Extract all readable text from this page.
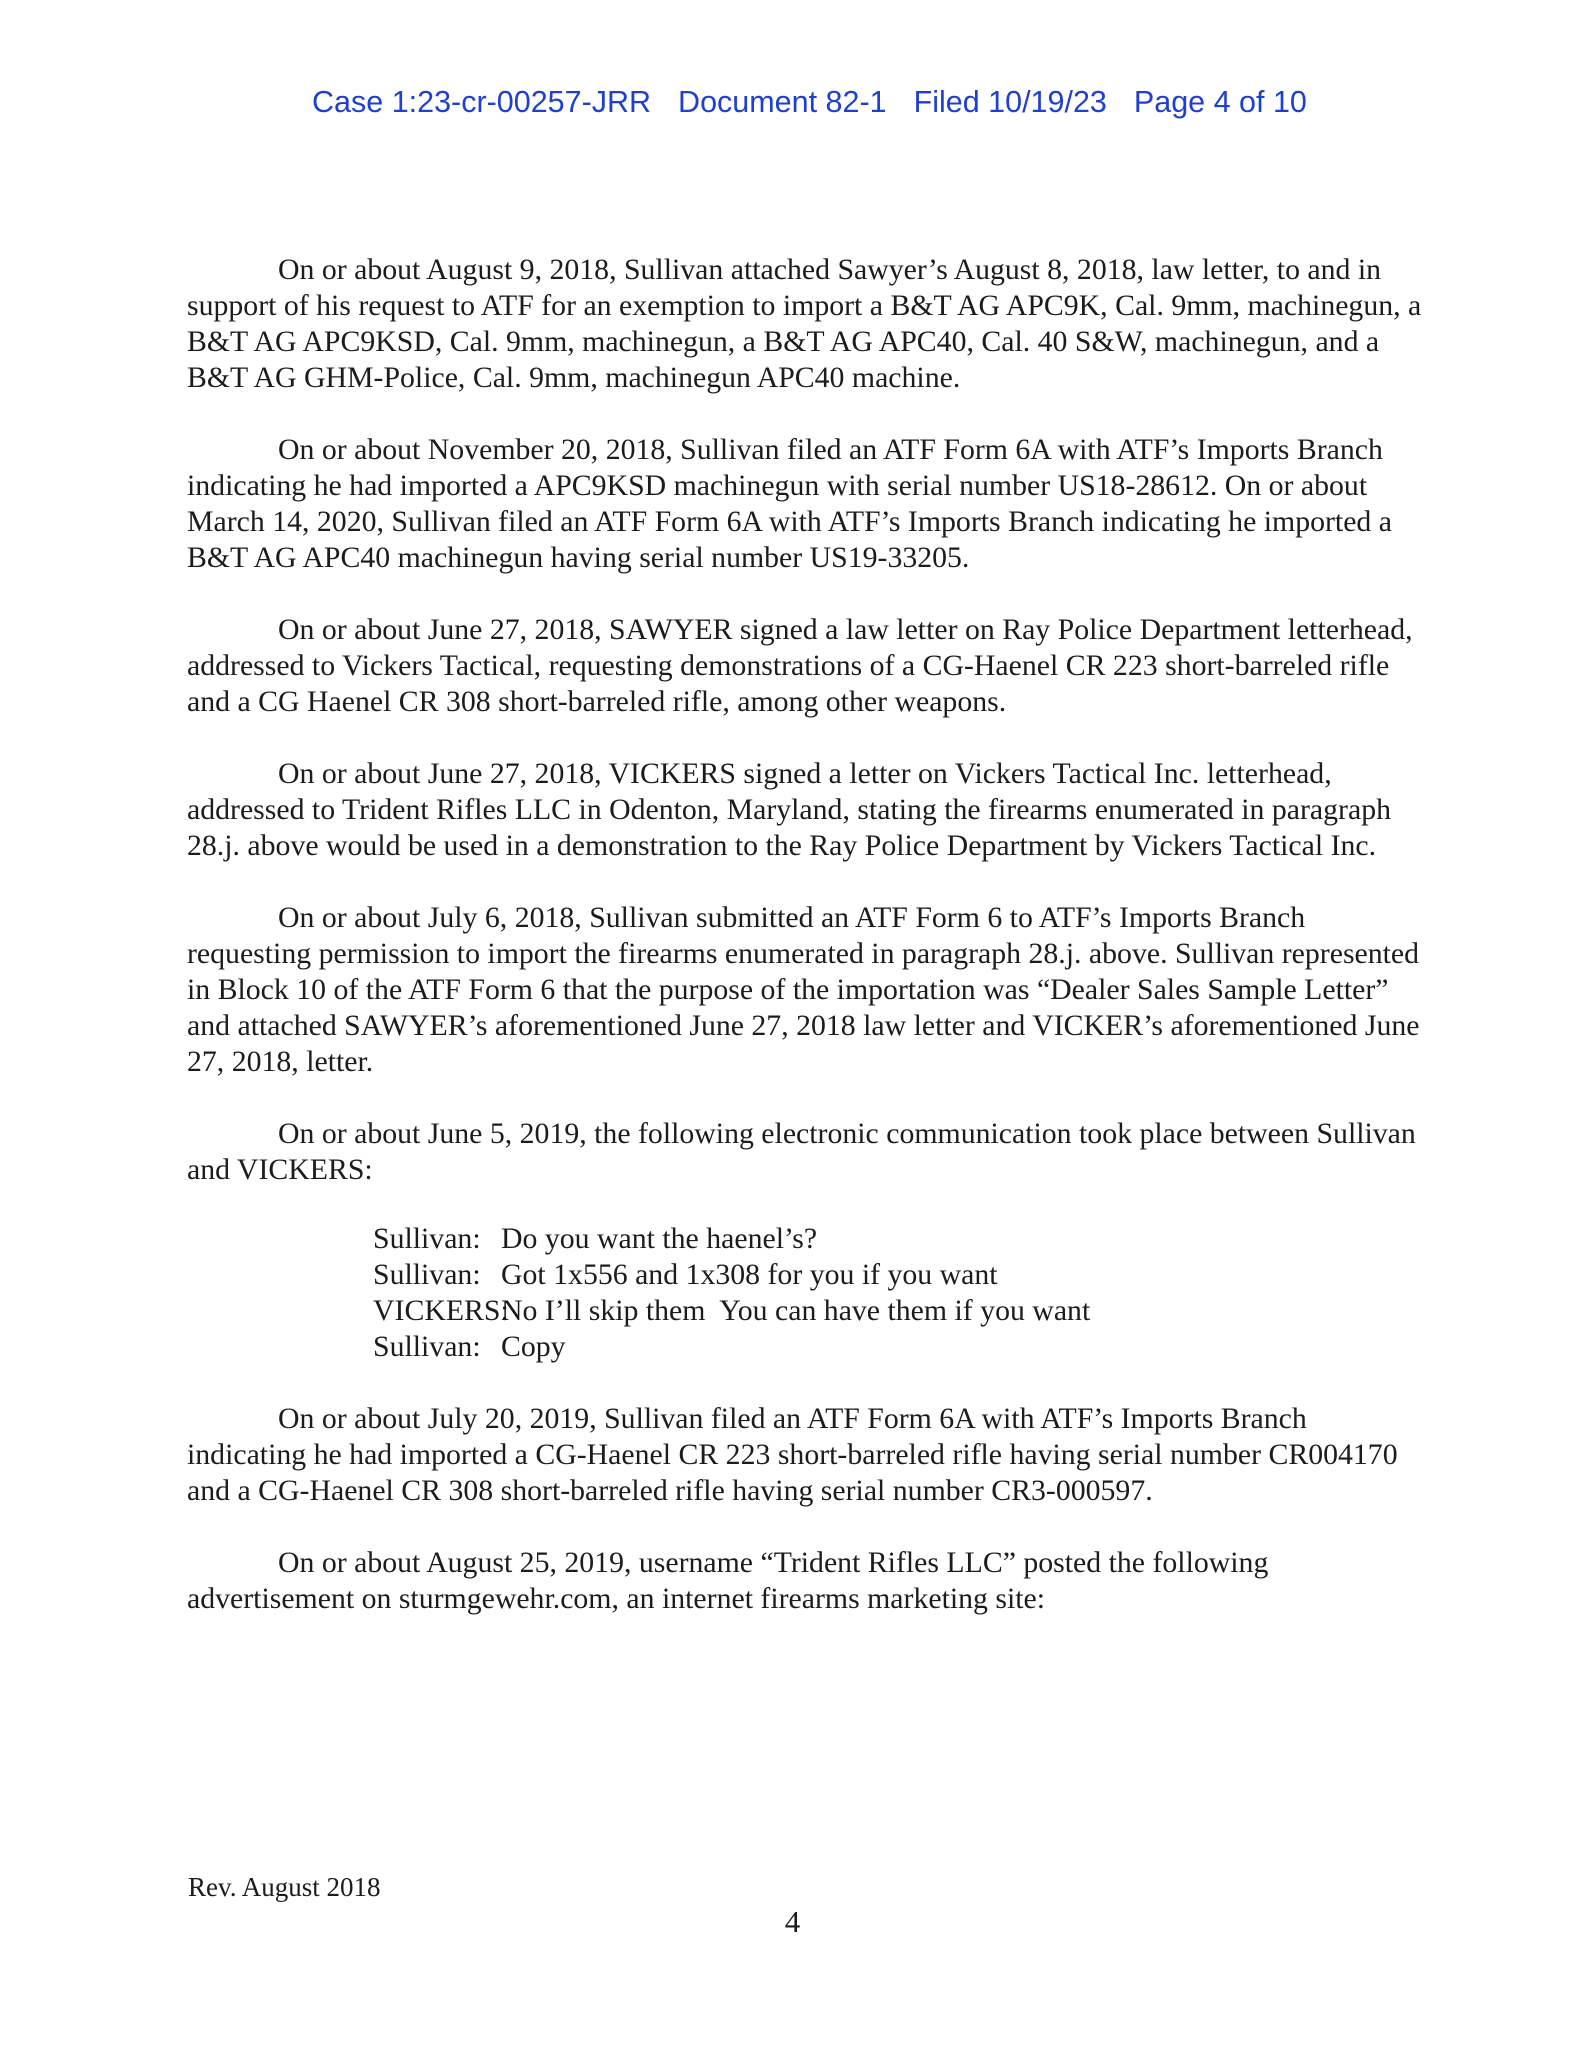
Case 1:23-cr-00257-JRR Document 82-1 Filed 10/19/23 Page 4 of 10

On or about August 9, 2018, Sullivan attached Sawyer’s August 8, 2018, law letter, to and in support of his request to ATF for an exemption to import a B&T AG APC9K, Cal. 9mm, machinegun, a B&T AG APC9KSD, Cal. 9mm, machinegun, a B&T AG APC40, Cal. 40 S&W, machinegun, and a B&T AG GHM-Police, Cal. 9mm, machinegun APC40 machine.

On or about November 20, 2018, Sullivan filed an ATF Form 6A with ATF’s Imports Branch indicating he had imported a APC9KSD machinegun with serial number US18-28612. On or about March 14, 2020, Sullivan filed an ATF Form 6A with ATF’s Imports Branch indicating he imported a B&T AG APC40 machinegun having serial number US19-33205.

On or about June 27, 2018, SAWYER signed a law letter on Ray Police Department letterhead, addressed to Vickers Tactical, requesting demonstrations of a CG-Haenel CR 223 short-barreled rifle and a CG Haenel CR 308 short-barreled rifle, among other weapons.

On or about June 27, 2018, VICKERS signed a letter on Vickers Tactical Inc. letterhead, addressed to Trident Rifles LLC in Odenton, Maryland, stating the firearms enumerated in paragraph 28.j. above would be used in a demonstration to the Ray Police Department by Vickers Tactical Inc.

On or about July 6, 2018, Sullivan submitted an ATF Form 6 to ATF’s Imports Branch requesting permission to import the firearms enumerated in paragraph 28.j. above. Sullivan represented in Block 10 of the ATF Form 6 that the purpose of the importation was “Dealer Sales Sample Letter” and attached SAWYER’s aforementioned June 27, 2018 law letter and VICKER’s aforementioned June 27, 2018, letter.

On or about June 5, 2019, the following electronic communication took place between Sullivan and VICKERS:

Sullivan: Do you want the haenel’s?
Sullivan: Got 1x556 and 1x308 for you if you want
VICKERS:No I’ll skip them  You can have them if you want
Sullivan: Copy

On or about July 20, 2019, Sullivan filed an ATF Form 6A with ATF’s Imports Branch indicating he had imported a CG-Haenel CR 223 short-barreled rifle having serial number CR004170 and a CG-Haenel CR 308 short-barreled rifle having serial number CR3-000597.

On or about August 25, 2019, username “Trident Rifles LLC” posted the following advertisement on sturmgewehr.com, an internet firearms marketing site:

Rev. August 2018
4
